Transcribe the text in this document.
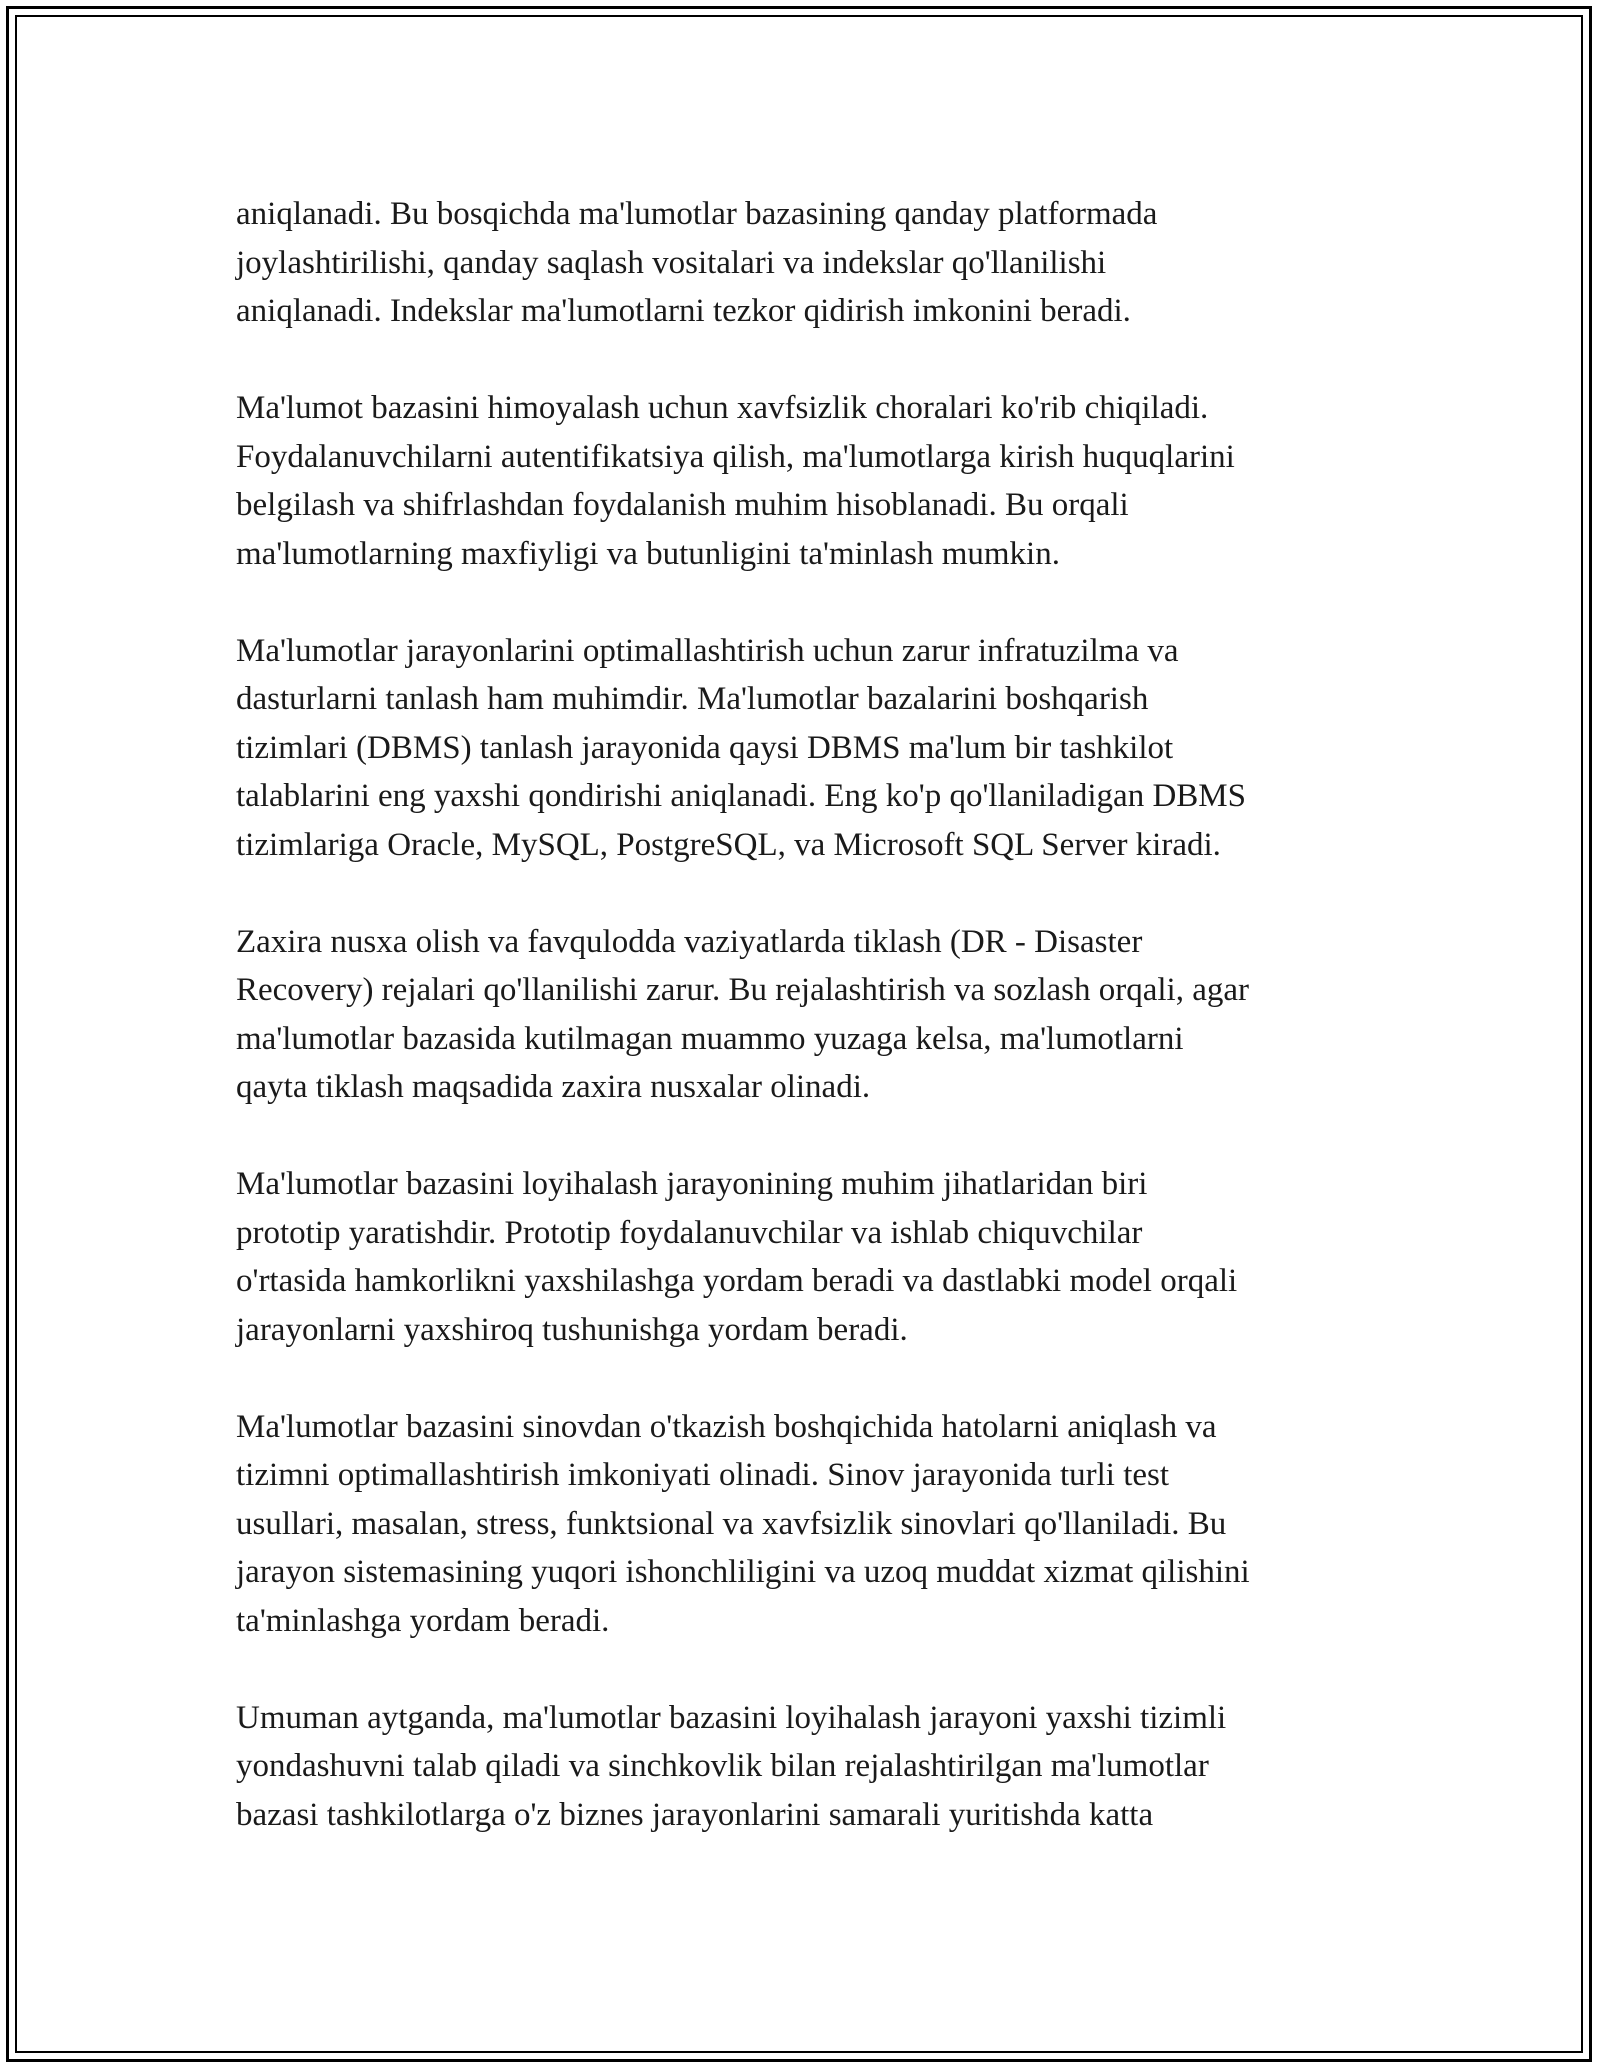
aniqlanadi. Bu bosqichda ma'lumotlar bazasining qanday platformada
joylashtirilishi, qanday saqlash vositalari va indekslar qo'llanilishi
aniqlanadi. Indekslar ma'lumotlarni tezkor qidirish imkonini beradi.

Ma'lumot bazasini himoyalash uchun xavfsizlik choralari ko'rib chiqiladi.
Foydalanuvchilarni autentifikatsiya qilish, ma'lumotlarga kirish huquqlarini
belgilash va shifrlashdan foydalanish muhim hisoblanadi. Bu orqali
ma'lumotlarning maxfiyligi va butunligini ta'minlash mumkin.

Ma'lumotlar jarayonlarini optimallashtirish uchun zarur infratuzilma va
dasturlarni tanlash ham muhimdir. Ma'lumotlar bazalarini boshqarish
tizimlari (DBMS) tanlash jarayonida qaysi DBMS ma'lum bir tashkilot
talablarini eng yaxshi qondirishi aniqlanadi. Eng ko'p qo'llaniladigan DBMS
tizimlariga Oracle, MySQL, PostgreSQL, va Microsoft SQL Server kiradi.

Zaxira nusxa olish va favqulodda vaziyatlarda tiklash (DR - Disaster
Recovery) rejalari qo'llanilishi zarur. Bu rejalashtirish va sozlash orqali, agar
ma'lumotlar bazasida kutilmagan muammo yuzaga kelsa, ma'lumotlarni
qayta tiklash maqsadida zaxira nusxalar olinadi.

Ma'lumotlar bazasini loyihalash jarayonining muhim jihatlaridan biri
prototip yaratishdir. Prototip foydalanuvchilar va ishlab chiquvchilar
o'rtasida hamkorlikni yaxshilashga yordam beradi va dastlabki model orqali
jarayonlarni yaxshiroq tushunishga yordam beradi.

Ma'lumotlar bazasini sinovdan o'tkazish boshqichida hatolarni aniqlash va
tizimni optimallashtirish imkoniyati olinadi. Sinov jarayonida turli test
usullari, masalan, stress, funktsional va xavfsizlik sinovlari qo'llaniladi. Bu
jarayon sistemasining yuqori ishonchliligini va uzoq muddat xizmat qilishini
ta'minlashga yordam beradi.

Umuman aytganda, ma'lumotlar bazasini loyihalash jarayoni yaxshi tizimli
yondashuvni talab qiladi va sinchkovlik bilan rejalashtirilgan ma'lumotlar
bazasi tashkilotlarga o'z biznes jarayonlarini samarali yuritishda katta
